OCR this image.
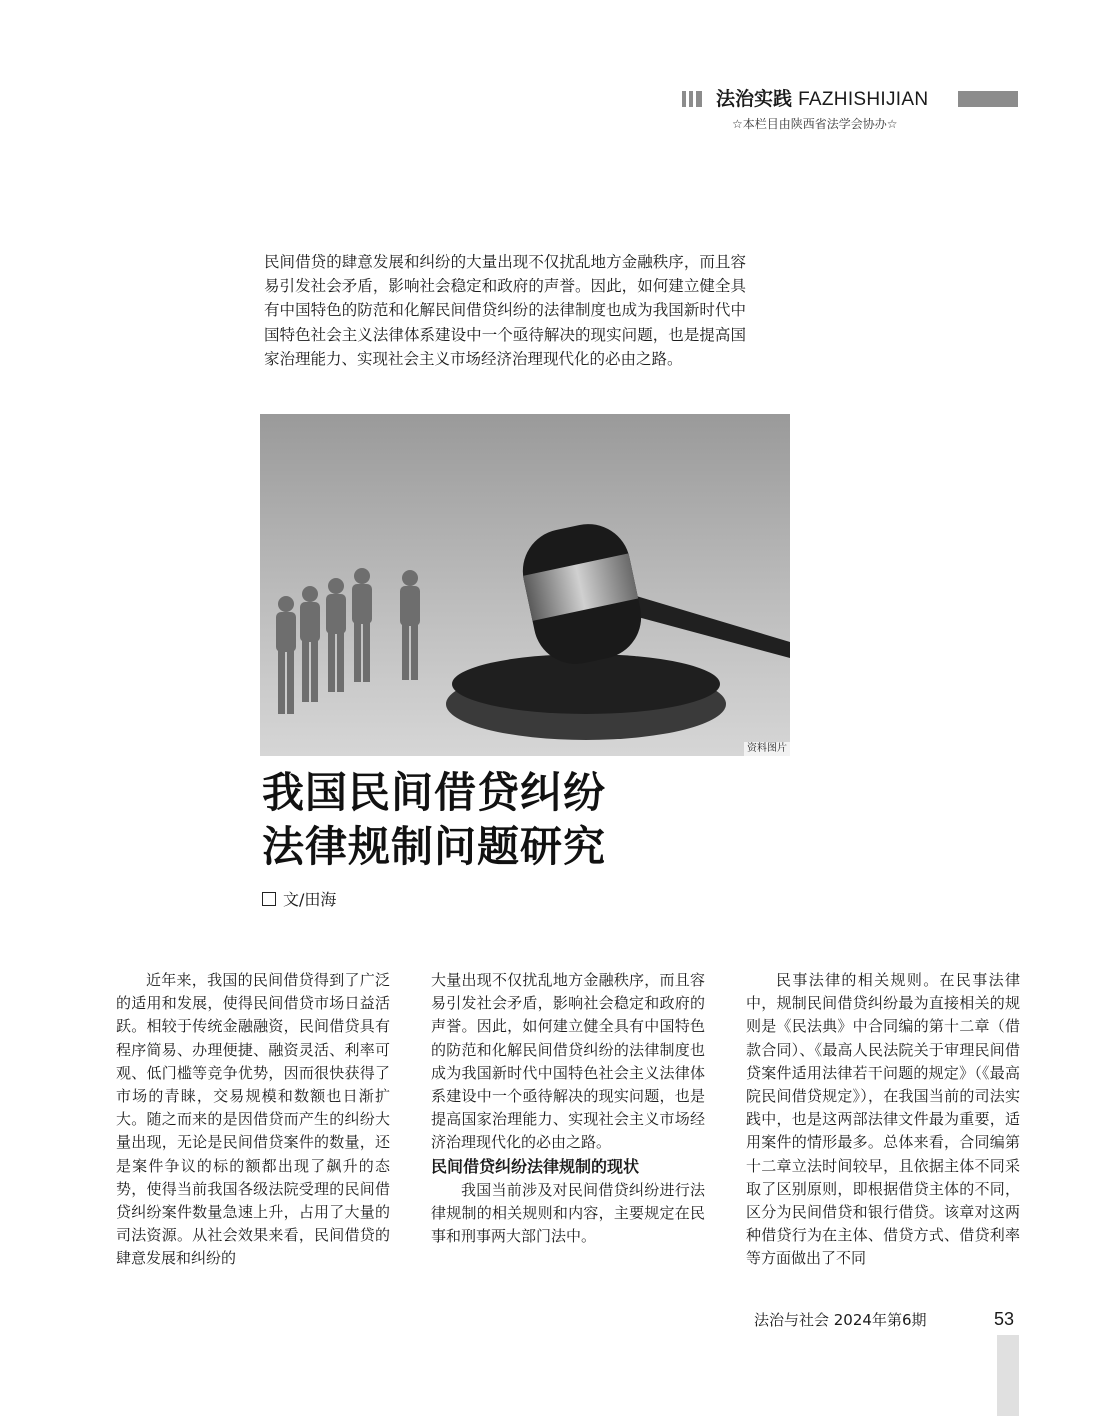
法治实践 FAZHISHIJIAN
☆本栏目由陕西省法学会协办☆

民间借贷的肆意发展和纠纷的大量出现不仅扰乱地方金融秩序，而且容易引发社会矛盾，影响社会稳定和政府的声誉。因此，如何建立健全具有中国特色的防范和化解民间借贷纠纷的法律制度也成为我国新时代中国特色社会主义法律体系建设中一个亟待解决的现实问题，也是提高国家治理能力、实现社会主义市场经济治理现代化的必由之路。

资料图片
我国民间借贷纠纷
法律规制问题研究
文/田海

近年来，我国的民间借贷得到了广泛的适用和发展，使得民间借贷市场日益活跃。相较于传统金融融资，民间借贷具有程序简易、办理便捷、融资灵活、利率可观、低门槛等竞争优势，因而很快获得了市场的青睐，交易规模和数额也日渐扩大。随之而来的是因借贷而产生的纠纷大量出现，无论是民间借贷案件的数量，还是案件争议的标的额都出现了飙升的态势，使得当前我国各级法院受理的民间借贷纠纷案件数量急速上升，占用了大量的司法资源。从社会效果来看，民间借贷的肆意发展和纠纷的

大量出现不仅扰乱地方金融秩序，而且容易引发社会矛盾，影响社会稳定和政府的声誉。因此，如何建立健全具有中国特色的防范和化解民间借贷纠纷的法律制度也成为我国新时代中国特色社会主义法律体系建设中一个亟待解决的现实问题，也是提高国家治理能力、实现社会主义市场经济治理现代化的必由之路。

民间借贷纠纷法律规制的现状

我国当前涉及对民间借贷纠纷进行法律规制的相关规则和内容，主要规定在民事和刑事两大部门法中。

民事法律的相关规则。在民事法律中，规制民间借贷纠纷最为直接相关的规则是《民法典》中合同编的第十二章（借款合同）、《最高人民法院关于审理民间借贷案件适用法律若干问题的规定》（《最高院民间借贷规定》），在我国当前的司法实践中，也是这两部法律文件最为重要，适用案件的情形最多。总体来看，合同编第十二章立法时间较早，且依据主体不同采取了区别原则，即根据借贷主体的不同，区分为民间借贷和银行借贷。该章对这两种借贷行为在主体、借贷方式、借贷利率等方面做出了不同

法治与社会 2024年第6期	53
